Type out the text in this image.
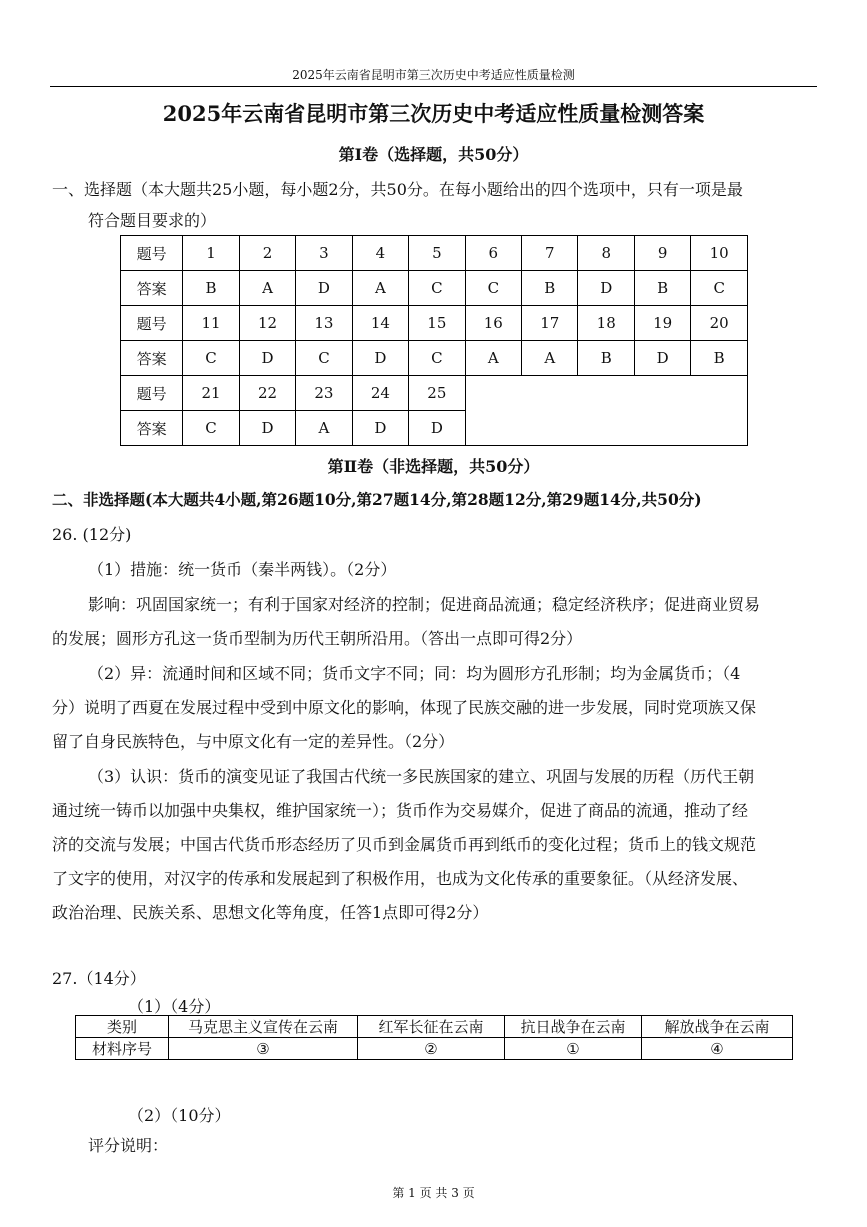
2025年云南省昆明市第三次历史中考适应性质量检测
2025年云南省昆明市第三次历史中考适应性质量检测答案
第Ⅰ卷（选择题，共50分）
一、选择题（本大题共25小题，每小题2分，共50分。在每小题给出的四个选项中，只有一项是最
符合题目要求的）
题号	1	2	3	4	5	6	7	8	9	10
答案	B	A	D	A	C	C	B	D	B	C
题号	11	12	13	14	15	16	17	18	19	20
答案	C	D	C	D	C	A	A	B	D	B
题号	21	22	23	24	25					
答案	C	D	A	D	D					
第Ⅱ卷（非选择题，共50分）
二、非选择题(本大题共4小题,第26题10分,第27题14分,第28题12分,第29题14分,共50分)
26. (12分)
（1）措施：统一货币（秦半两钱）。（2分）
影响：巩固国家统一；有利于国家对经济的控制；促进商品流通；稳定经济秩序；促进商业贸易
的发展；圆形方孔这一货币型制为历代王朝所沿用。（答出一点即可得2分）
（2）异：流通时间和区域不同；货币文字不同；同：均为圆形方孔形制；均为金属货币；（4
分）说明了西夏在发展过程中受到中原文化的影响，体现了民族交融的进一步发展，同时党项族又保
留了自身民族特色，与中原文化有一定的差异性。（2分）
（3）认识：货币的演变见证了我国古代统一多民族国家的建立、巩固与发展的历程（历代王朝
通过统一铸币以加强中央集权，维护国家统一）；货币作为交易媒介，促进了商品的流通，推动了经
济的交流与发展；中国古代货币形态经历了贝币到金属货币再到纸币的变化过程；货币上的钱文规范
了文字的使用，对汉字的传承和发展起到了积极作用，也成为文化传承的重要象征。（从经济发展、
政治治理、民族关系、思想文化等角度，任答1点即可得2分）
27.（14分）
（1）（4分）
类别	马克思主义宣传在云南	红军长征在云南	抗日战争在云南	解放战争在云南
材料序号	③	②	①	④
（2）（10分）
评分说明：
第 1 页 共 3 页
